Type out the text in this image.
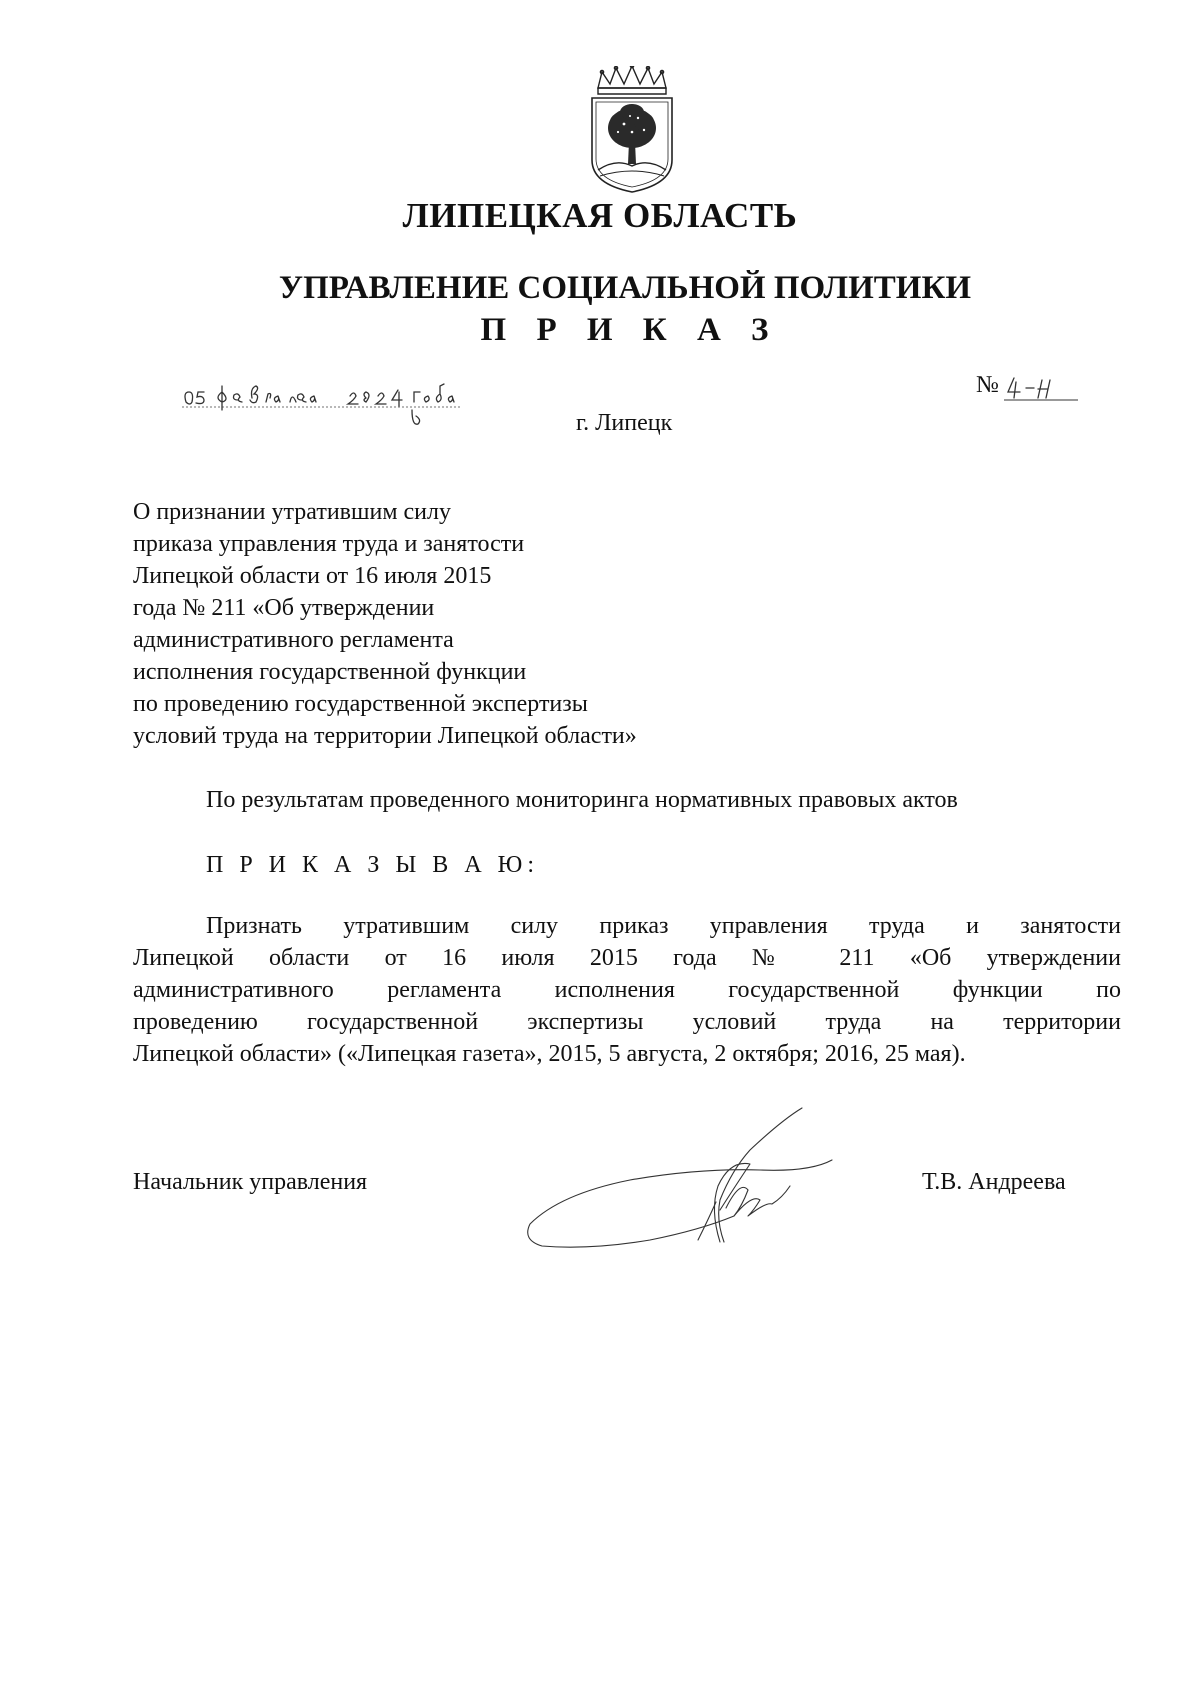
ЛИПЕЦКАЯ ОБЛАСТЬ
УПРАВЛЕНИЕ СОЦИАЛЬНОЙ ПОЛИТИКИ
П Р И К А З
№
г. Липецк
О признании утратившим силу
приказа управления труда и занятости
Липецкой области от 16 июля 2015
года № 211 «Об утверждении
административного регламента
исполнения государственной функции
по проведению государственной экспертизы
условий труда на территории Липецкой области»
По результатам проведенного мониторинга нормативных правовых актов
П Р И К А З Ы В А Ю:
Признать утратившим силу приказ управления труда и занятости
Липецкой области от 16 июля 2015 года № 211 «Об утверждении
административного регламента исполнения государственной функции по
проведению государственной экспертизы условий труда на территории
Липецкой области» («Липецкая газета», 2015, 5 августа, 2 октября; 2016, 25 мая).
Начальник управления	Т.В. Андреева
